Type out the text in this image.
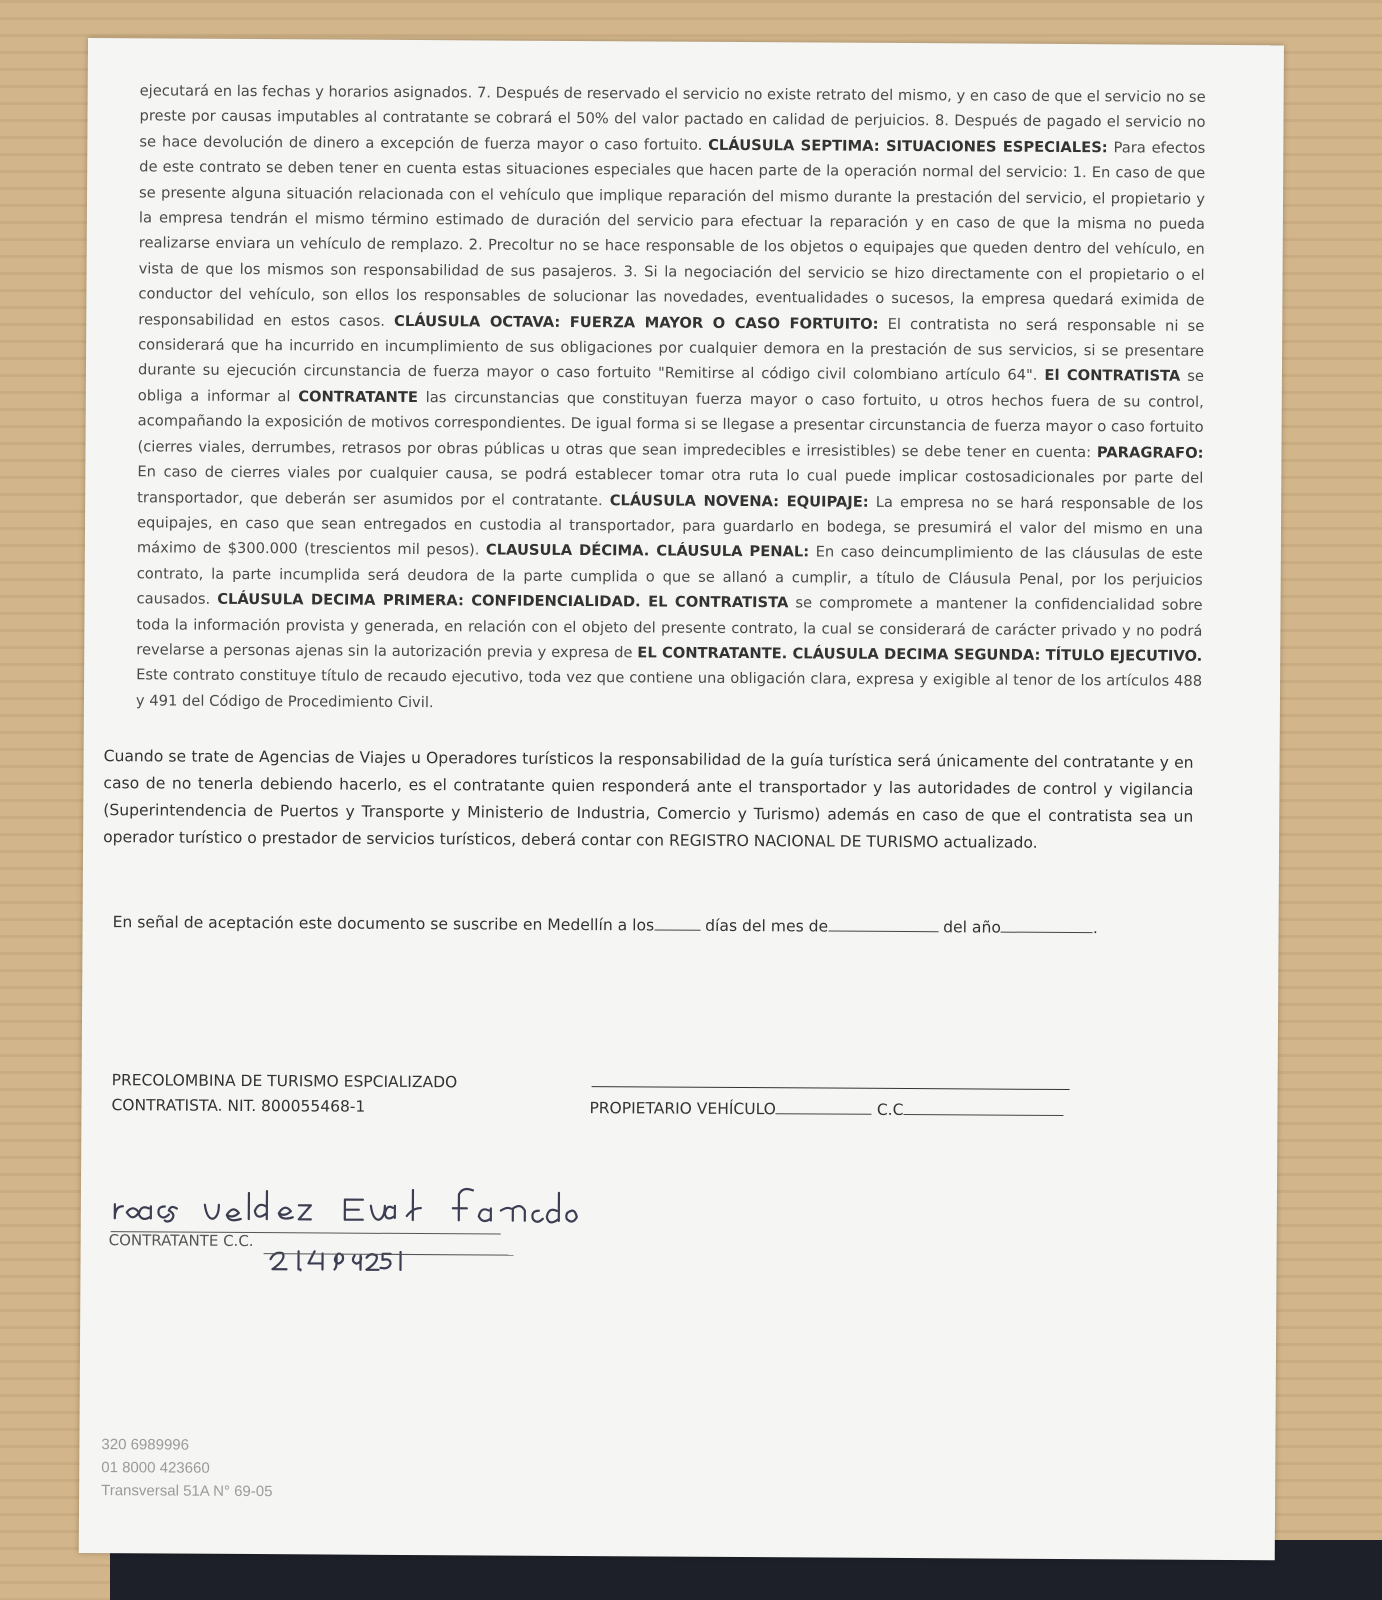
ejecutará en las fechas y horarios asignados. 7. Después de reservado el servicio no existe retrato del mismo, y en caso de que el servicio no se preste por causas imputables al contratante se cobrará el 50% del valor pactado en calidad de perjuicios. 8. Después de pagado el servicio no se hace devolución de dinero a excepción de fuerza mayor o caso fortuito. CLÁUSULA SEPTIMA: SITUACIONES ESPECIALES: Para efectos de este contrato se deben tener en cuenta estas situaciones especiales que hacen parte de la operación normal del servicio: 1. En caso de que se presente alguna situación relacionada con el vehículo que implique reparación del mismo durante la prestación del servicio, el propietario y la empresa tendrán el mismo término estimado de duración del servicio para efectuar la reparación y en caso de que la misma no pueda realizarse enviara un vehículo de remplazo. 2. Precoltur no se hace responsable de los objetos o equipajes que queden dentro del vehículo, en vista de que los mismos son responsabilidad de sus pasajeros. 3. Si la negociación del servicio se hizo directamente con el propietario o el conductor del vehículo, son ellos los responsables de solucionar las novedades, eventualidades o sucesos, la empresa quedará eximida de responsabilidad en estos casos. CLÁUSULA OCTAVA: FUERZA MAYOR O CASO FORTUITO: El contratista no será responsable ni se considerará que ha incurrido en incumplimiento de sus obligaciones por cualquier demora en la prestación de sus servicios, si se presentare durante su ejecución circunstancia de fuerza mayor o caso fortuito "Remitirse al código civil colombiano artículo 64". El CONTRATISTA se obliga a informar al CONTRATANTE las circunstancias que constituyan fuerza mayor o caso fortuito, u otros hechos fuera de su control, acompañando la exposición de motivos correspondientes. De igual forma si se llegase a presentar circunstancia de fuerza mayor o caso fortuito (cierres viales, derrumbes, retrasos por obras públicas u otras que sean impredecibles e irresistibles) se debe tener en cuenta: PARAGRAFO: En caso de cierres viales por cualquier causa, se podrá establecer tomar otra ruta lo cual puede implicar costosadicionales por parte del transportador, que deberán ser asumidos por el contratante. CLÁUSULA NOVENA: EQUIPAJE: La empresa no se hará responsable de los equipajes, en caso que sean entregados en custodia al transportador, para guardarlo en bodega, se presumirá el valor del mismo en una máximo de $300.000 (trescientos mil pesos). CLAUSULA DÉCIMA. CLÁUSULA PENAL: En caso deincumplimiento de las cláusulas de este contrato, la parte incumplida será deudora de la parte cumplida o que se allanó a cumplir, a título de Cláusula Penal, por los perjuicios causados. CLÁUSULA DECIMA PRIMERA: CONFIDENCIALIDAD. EL CONTRATISTA se compromete a mantener la confidencialidad sobre toda la información provista y generada, en relación con el objeto del presente contrato, la cual se considerará de carácter privado y no podrá revelarse a personas ajenas sin la autorización previa y expresa de EL CONTRATANTE. CLÁUSULA DECIMA SEGUNDA: TÍTULO EJECUTIVO. Este contrato constituye título de recaudo ejecutivo, toda vez que contiene una obligación clara, expresa y exigible al tenor de los artículos 488 y 491 del Código de Procedimiento Civil.
Cuando se trate de Agencias de Viajes u Operadores turísticos la responsabilidad de la guía turística será únicamente del contratante y en caso de no tenerla debiendo hacerlo, es el contratante quien responderá ante el transportador y las autoridades de control y vigilancia (Superintendencia de Puertos y Transporte y Ministerio de Industria, Comercio y Turismo) además en caso de que el contratista sea un operador turístico o prestador de servicios turísticos, deberá contar con REGISTRO NACIONAL DE TURISMO actualizado.
En señal de aceptación este documento se suscribe en Medellín a los	días del mes de	del año	.
PRECOLOMBINA DE TURISMO ESPCIALIZADO
CONTRATISTA. NIT. 800055468-1	PROPIETARIO VEHÍCULO	C.C
CONTRATANTE C.C.
320 6989996
01 8000 423660
Transversal 51A N° 69-05
